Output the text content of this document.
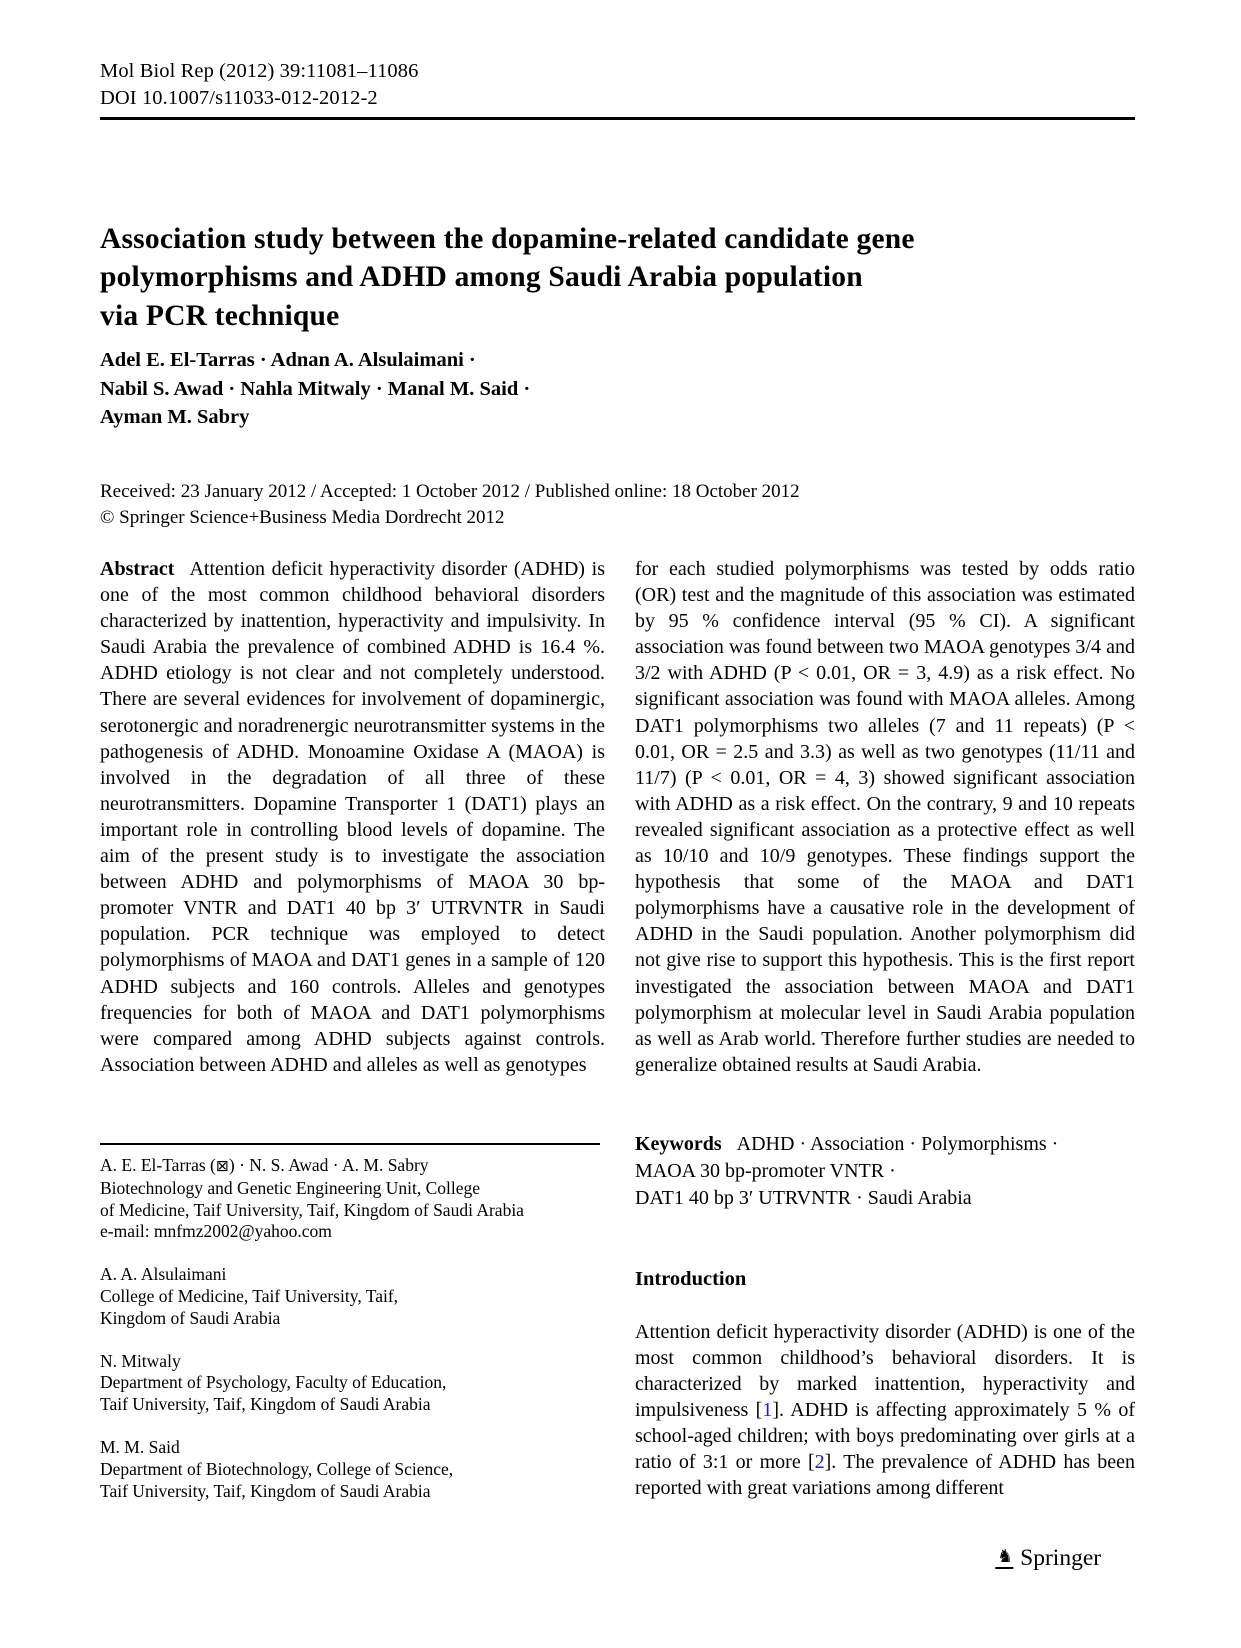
Mol Biol Rep (2012) 39:11081–11086
DOI 10.1007/s11033-012-2012-2
Association study between the dopamine-related candidate gene
polymorphisms and ADHD among Saudi Arabia population
via PCR technique
Adel E. El-Tarras · Adnan A. Alsulaimani ·
Nabil S. Awad · Nahla Mitwaly · Manal M. Said ·
Ayman M. Sabry
Received: 23 January 2012 / Accepted: 1 October 2012 / Published online: 18 October 2012
© Springer Science+Business Media Dordrecht 2012

Abstract Attention deficit hyperactivity disorder (ADHD) is one of the most common childhood behavioral disorders characterized by inattention, hyperactivity and impulsivity. In Saudi Arabia the prevalence of combined ADHD is 16.4 %. ADHD etiology is not clear and not completely understood. There are several evidences for involvement of dopaminergic, serotonergic and noradrenergic neurotransmitter systems in the pathogenesis of ADHD. Monoamine Oxidase A (MAOA) is involved in the degradation of all three of these neurotransmitters. Dopamine Transporter 1 (DAT1) plays an important role in controlling blood levels of dopamine. The aim of the present study is to investigate the association between ADHD and polymorphisms of MAOA 30 bp-promoter VNTR and DAT1 40 bp 3′ UTRVNTR in Saudi population. PCR technique was employed to detect polymorphisms of MAOA and DAT1 genes in a sample of 120 ADHD subjects and 160 controls. Alleles and genotypes frequencies for both of MAOA and DAT1 polymorphisms were compared among ADHD subjects against controls. Association between ADHD and alleles as well as genotypes

for each studied polymorphisms was tested by odds ratio (OR) test and the magnitude of this association was estimated by 95 % confidence interval (95 % CI). A significant association was found between two MAOA genotypes 3/4 and 3/2 with ADHD (P < 0.01, OR = 3, 4.9) as a risk effect. No significant association was found with MAOA alleles. Among DAT1 polymorphisms two alleles (7 and 11 repeats) (P < 0.01, OR = 2.5 and 3.3) as well as two genotypes (11/11 and 11/7) (P < 0.01, OR = 4, 3) showed significant association with ADHD as a risk effect. On the contrary, 9 and 10 repeats revealed significant association as a protective effect as well as 10/10 and 10/9 genotypes. These findings support the hypothesis that some of the MAOA and DAT1 polymorphisms have a causative role in the development of ADHD in the Saudi population. Another polymorphism did not give rise to support this hypothesis. This is the first report investigated the association between MAOA and DAT1 polymorphism at molecular level in Saudi Arabia population as well as Arab world. Therefore further studies are needed to generalize obtained results at Saudi Arabia.

Keywords ADHD · Association · Polymorphisms ·
MAOA 30 bp-promoter VNTR ·
DAT1 40 bp 3′ UTRVNTR · Saudi Arabia
Introduction

Attention deficit hyperactivity disorder (ADHD) is one of the most common childhood’s behavioral disorders. It is characterized by marked inattention, hyperactivity and impulsiveness [1]. ADHD is affecting approximately 5 % of school-aged children; with boys predominating over girls at a ratio of 3:1 or more [2]. The prevalence of ADHD has been reported with great variations among different

A. E. El-Tarras (⊠) · N. S. Awad · A. M. Sabry
Biotechnology and Genetic Engineering Unit, College
of Medicine, Taif University, Taif, Kingdom of Saudi Arabia
e-mail: mnfmz2002@yahoo.com
A. A. Alsulaimani
College of Medicine, Taif University, Taif,
Kingdom of Saudi Arabia
N. Mitwaly
Department of Psychology, Faculty of Education,
Taif University, Taif, Kingdom of Saudi Arabia
M. M. Said
Department of Biotechnology, College of Science,
Taif University, Taif, Kingdom of Saudi Arabia
♞ Springer
